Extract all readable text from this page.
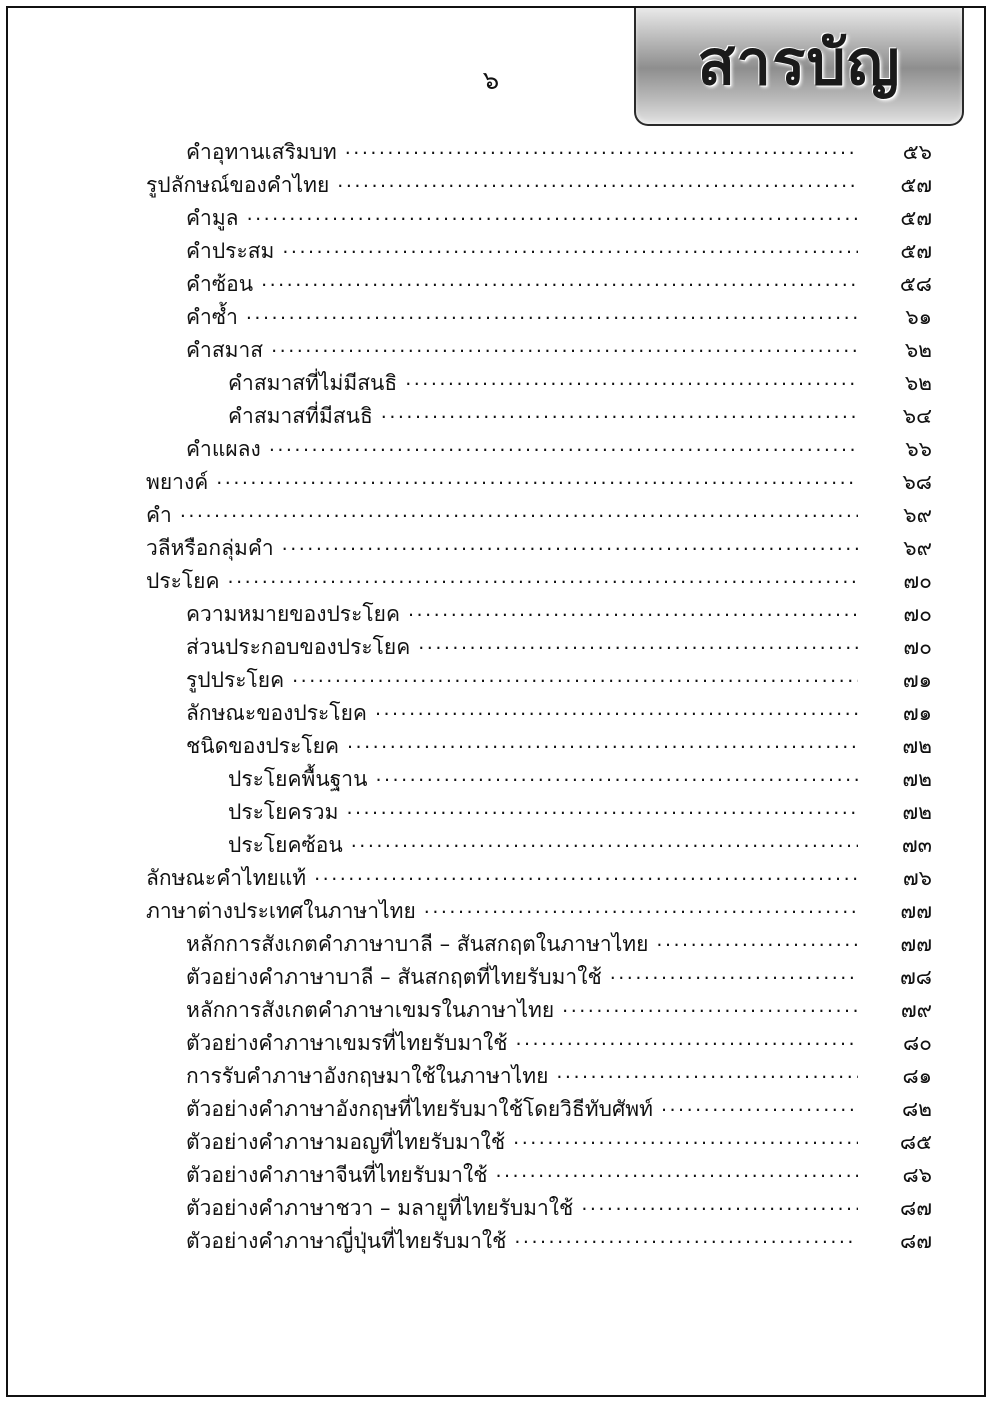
สารบัญ
๖
คำอุทานเสริมบท .....	๕๖
รูปลักษณ์ของคำไทย .....	๕๗
คำมูล .....	๕๗
คำประสม .....	๕๗
คำซ้อน .....	๕๘
คำซ้ำ .....	๖๑
คำสมาส .....	๖๒
คำสมาสที่ไม่มีสนธิ .....	๖๒
คำสมาสที่มีสนธิ .....	๖๔
คำแผลง .....	๖๖
พยางค์ .....	๖๘
คำ .....	๖๙
วลีหรือกลุ่มคำ .....	๖๙
ประโยค .....	๗๐
ความหมายของประโยค .....	๗๐
ส่วนประกอบของประโยค .....	๗๐
รูปประโยค .....	๗๑
ลักษณะของประโยค .....	๗๑
ชนิดของประโยค .....	๗๒
ประโยคพื้นฐาน .....	๗๒
ประโยครวม .....	๗๒
ประโยคซ้อน .....	๗๓
ลักษณะคำไทยแท้ .....	๗๖
ภาษาต่างประเทศในภาษาไทย .....	๗๗
หลักการสังเกตคำภาษาบาลี – สันสกฤตในภาษาไทย .....	๗๗
ตัวอย่างคำภาษาบาลี – สันสกฤตที่ไทยรับมาใช้ .....	๗๘
หลักการสังเกตคำภาษาเขมรในภาษาไทย .....	๗๙
ตัวอย่างคำภาษาเขมรที่ไทยรับมาใช้ .....	๘๐
การรับคำภาษาอังกฤษมาใช้ในภาษาไทย .....	๘๑
ตัวอย่างคำภาษาอังกฤษที่ไทยรับมาใช้โดยวิธีทับศัพท์ .....	๘๒
ตัวอย่างคำภาษามอญที่ไทยรับมาใช้ .....	๘๕
ตัวอย่างคำภาษาจีนที่ไทยรับมาใช้ .....	๘๖
ตัวอย่างคำภาษาชวา – มลายูที่ไทยรับมาใช้ .....	๘๗
ตัวอย่างคำภาษาญี่ปุ่นที่ไทยรับมาใช้ .....	๘๗
